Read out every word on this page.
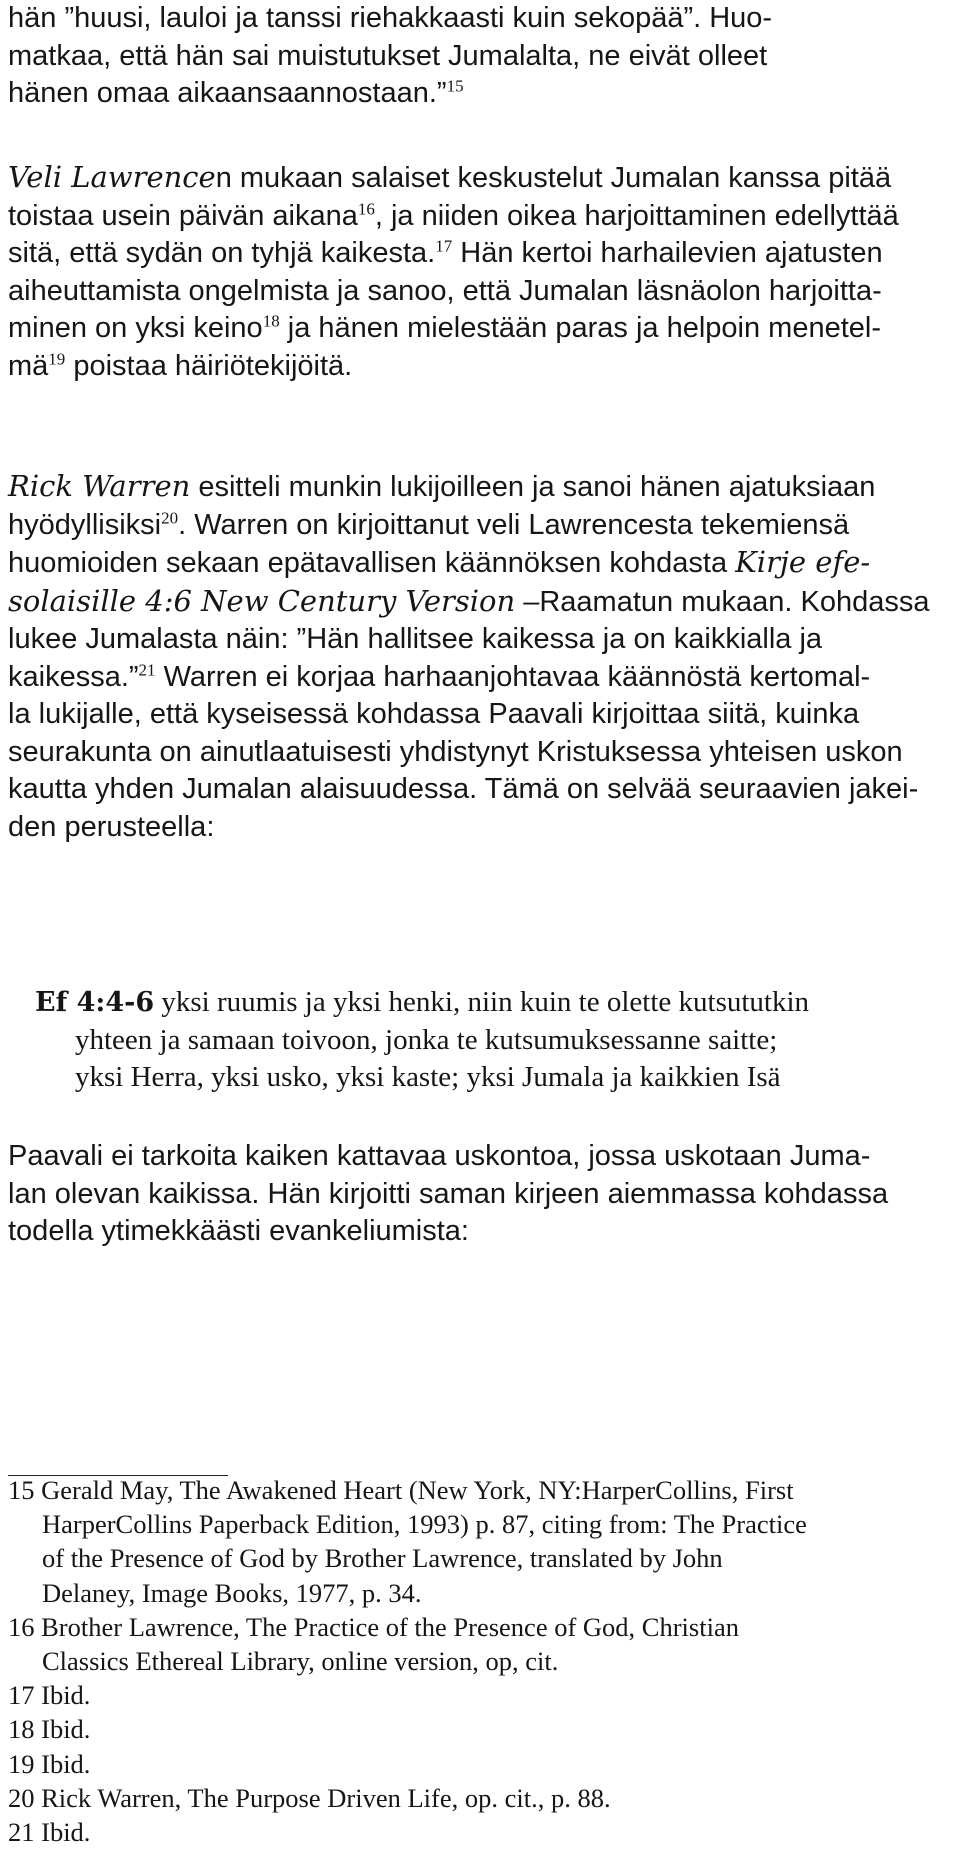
hän ”huusi, lauloi ja tanssi riehakkaasti kuin sekopää”. Huo-
matkaa, että hän sai muistutukset Jumalalta, ne eivät olleet
hänen omaa aikaansaannostaan.”$^{15}$

Veli Lawrencen mukaan salaiset keskustelut Jumalan kanssa pitää
toistaa usein päivän aikana$^{16}$, ja niiden oikea harjoittaminen edellyttää
sitä, että sydän on tyhjä kaikesta.$^{17}$ Hän kertoi harhailevien ajatusten
aiheuttamista ongelmista ja sanoo, että Jumalan läsnäolon harjoitta-
minen on yksi keino$^{18}$ ja hänen mielestään paras ja helpoin menetel-
$mä^{19}$ poistaa häiriötekijöitä.

Rick Warren esitteli munkin lukijoilleen ja sanoi hänen ajatuksiaan
hyödyllisiksi$^{20}$. Warren on kirjoittanut veli Lawrencesta tekemiensä
huomioiden sekaan epätavallisen käännöksen kohdasta Kirje efe-
solaisille 4:6 New Century Version –Raamatun mukaan. Kohdassa
lukee Jumalasta näin: ”Hän hallitsee kaikessa ja on kaikkialla ja
kaikessa.”$^{21}$ Warren ei korjaa harhaanjohtavaa käännöstä kertomal-
la lukijalle, että kyseisessä kohdassa Paavali kirjoittaa siitä, kuinka
seurakunta on ainutlaatuisesti yhdistynyt Kristuksessa yhteisen uskon
kautta yhden Jumalan alaisuudessa. Tämä on selvää seuraavien jakei-
den perusteella:

Ef 4:4-6 yksi ruumis ja yksi henki, niin kuin te olette kutsututkin
yhteen ja samaan toivoon, jonka te kutsumuksessanne saitte;
yksi Herra, yksi usko, yksi kaste; yksi Jumala ja kaikkien Isä

Paavali ei tarkoita kaiken kattavaa uskontoa, jossa uskotaan Juma-
lan olevan kaikissa. Hän kirjoitti saman kirjeen aiemmassa kohdassa
todella ytimekkäästi evankeliumista:

15 Gerald May, The Awakened Heart (New York, NY:HarperCollins, First
HarperCollins Paperback Edition, 1993) p. 87, citing from: The Practice
of the Presence of God by Brother Lawrence, translated by John
Delaney, Image Books, 1977, p. 34.
16 Brother Lawrence, The Practice of the Presence of God, Christian
Classics Ethereal Library, online version, op, cit.
17 Ibid.
18 Ibid.
19 Ibid.
20 Rick Warren, The Purpose Driven Life, op. cit., p. 88.
21 Ibid.
